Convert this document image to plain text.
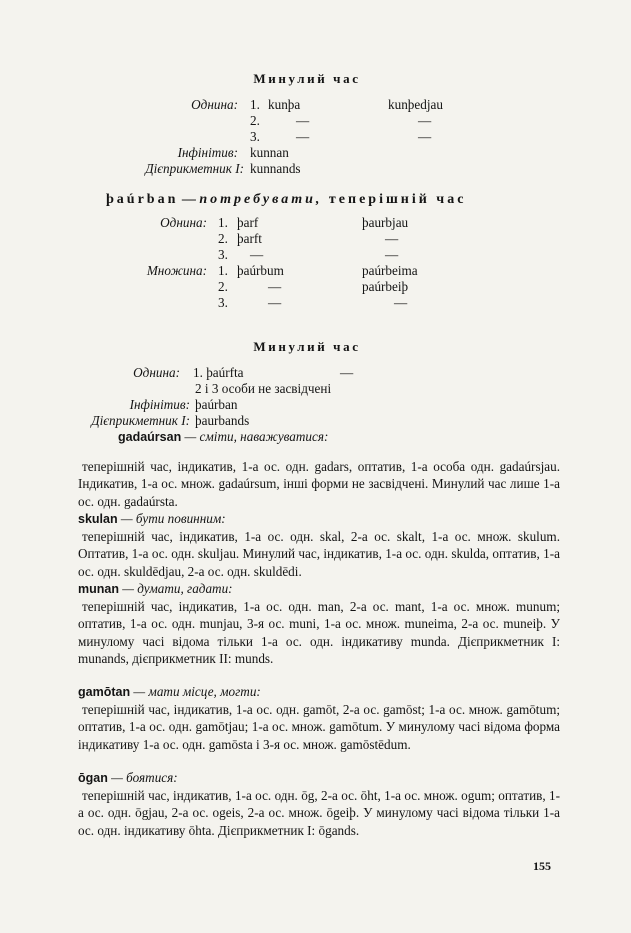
Минулий час
Однина: 1. kunþa	kunþedjau
2.	—	—
3.	—	—
Інфінітив: kunnan
Дієприкметник I: kunnands
þaúrban — потребувати, теперішній час
Однина: 1. þarf	þaurbjau
2. þarft	—
3. —	—
Множина: 1. þaúrbum	paúrbeima
2.	—	paúrbeiþ
3.	—	—
Минулий час
Однина: 1. þaúrfta	—
2 і 3 особи не засвідчені
Інфінітив: þaúrban
Дієприкметник I: þaurbands
gadaúrsan — сміти, наважуватися:
теперішній час, індикатив, 1-а ос. одн. gadars, оптатив, 1-а особа одн. gadaúrsjau. Індикатив, 1-а ос. множ. gadaúrsum, інші форми не засвідчені. Минулий час лише 1-а ос. одн. gadaúrsta.
skulan — бути повинним:
теперішній час, індикатив, 1-а ос. одн. skal, 2-а ос. skalt, 1-а ос. множ. skulum. Оптатив, 1-а ос. одн. skuljau. Минулий час, індикатив, 1-а ос. одн. skulda, оптатив, 1-а ос. одн. skuldēdjau, 2-а ос. одн. skuldēdi.
munan — думати, гадати:
теперішній час, індикатив, 1-а ос. одн. man, 2-а ос. mant, 1-а ос. множ. munum; оптатив, 1-а ос. одн. munjau, 3-я ос. muni, 1-а ос. множ. muneima, 2-а ос. muneiþ. У минулому часі відома тільки 1-а ос. одн. індикативу munda. Дієприкметник I: munands, дієприкметник II: munds.
gamōtan — мати місце, могти:
теперішній час, індикатив, 1-а ос. одн. gamōt, 2-а ос. gamōst; 1-а ос. множ. gamōtum; оптатив, 1-а ос. одн. gamōtjau; 1-а ос. множ. gamōtum. У минулому часі відома форма індикативу 1-а ос. одн. gamōsta і 3-я ос. множ. gamōstēdum.
ōgan — боятися:
теперішній час, індикатив, 1-а ос. одн. ōg, 2-а ос. ōht, 1-а ос. множ. ogum; оптатив, 1-а ос. одн. ōgjau, 2-а ос. ogeis, 2-а ос. множ. ōgeiþ. У минулому часі відома тільки 1-а ос. одн. індикативу ōhta. Дієприкметник I: ōgands.
155
